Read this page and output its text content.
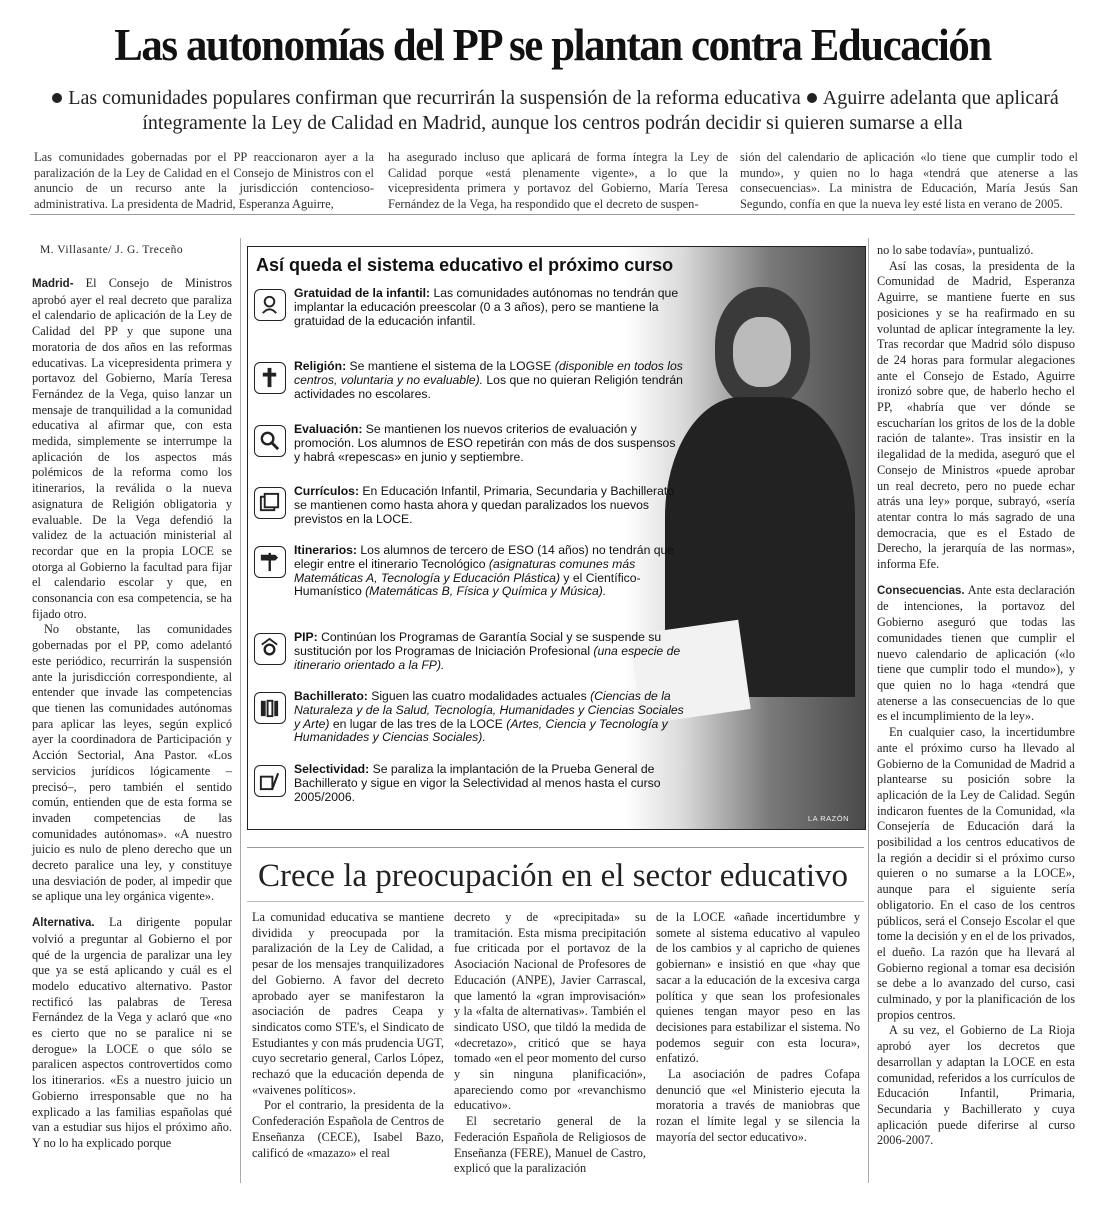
Las autonomías del PP se plantan contra Educación
Las comunidades populares confirman que recurrirán la suspensión de la reforma educativa Aguirre adelanta que aplicará íntegramente la Ley de Calidad en Madrid, aunque los centros podrán decidir si quieren sumarse a ella
Las comunidades gobernadas por el PP reaccionaron ayer a la paralización de la Ley de Calidad en el Consejo de Ministros con el anuncio de un recurso ante la jurisdicción contencioso-administrativa. La presidenta de Madrid, Esperanza Aguirre,
ha asegurado incluso que aplicará de forma íntegra la Ley de Calidad porque «está plenamente vigente», a lo que la vicepresidenta primera y portavoz del Gobierno, María Teresa Fernández de la Vega, ha respondido que el decreto de suspen-
sión del calendario de aplicación «lo tiene que cumplir todo el mundo», y quien no lo haga «tendrá que atenerse a las consecuencias». La ministra de Educación, María Jesús San Segundo, confía en que la nueva ley esté lista en verano de 2005.
M. Villasante/ J. G. Treceño

Madrid- El Consejo de Ministros aprobó ayer el real decreto que paraliza el calendario de aplicación de la Ley de Calidad del PP y que supone una moratoria de dos años en las reformas educativas. La vicepresidenta primera y portavoz del Gobierno, María Teresa Fernández de la Vega, quiso lanzar un mensaje de tranquilidad a la comunidad educativa al afirmar que, con esta medida, simplemente se interrumpe la aplicación de los aspectos más polémicos de la reforma como los itinerarios, la reválida o la nueva asignatura de Religión obligatoria y evaluable. De la Vega defendió la validez de la actuación ministerial al recordar que en la propia LOCE se otorga al Gobierno la facultad para fijar el calendario escolar y que, en consonancia con esa competencia, se ha fijado otro.

No obstante, las comunidades gobernadas por el PP, como adelantó este periódico, recurrirán la suspensión ante la jurisdicción correspondiente, al entender que invade las competencias que tienen las comunidades autónomas para aplicar las leyes, según explicó ayer la coordinadora de Participación y Acción Sectorial, Ana Pastor. «Los servicios jurídicos lógicamente –precisó–, pero también el sentido común, entienden que de esta forma se invaden competencias de las comunidades autónomas». «A nuestro juicio es nulo de pleno derecho que un decreto paralice una ley, y constituye una desviación de poder, al impedir que se aplique una ley orgánica vigente».

Alternativa. La dirigente popular volvió a preguntar al Gobierno el por qué de la urgencia de paralizar una ley que ya se está aplicando y cuál es el modelo educativo alternativo. Pastor rectificó las palabras de Teresa Fernández de la Vega y aclaró que «no es cierto que no se paralice ni se derogue» la LOCE o que sólo se paralicen aspectos controvertidos como los itinerarios. «Es a nuestro juicio un Gobierno irresponsable que no ha explicado a las familias españolas qué van a estudiar sus hijos el próximo año. Y no lo ha explicado porque

LA RAZÓN
Así queda el sistema educativo el próximo curso
Gratuidad de la infantil: Las comunidades autónomas no tendrán que implantar la educación preescolar (0 a 3 años), pero se mantiene la gratuidad de la educación infantil.
Religión: Se mantiene el sistema de la LOGSE (disponible en todos los centros, voluntaria y no evaluable). Los que no quieran Religión tendrán actividades no escolares.
Evaluación: Se mantienen los nuevos criterios de evaluación y promoción. Los alumnos de ESO repetirán con más de dos suspensos y habrá «repescas» en junio y septiembre.
Currículos: En Educación Infantil, Primaria, Secundaria y Bachillerato se mantienen como hasta ahora y quedan paralizados los nuevos previstos en la LOCE.
Itinerarios: Los alumnos de tercero de ESO (14 años) no tendrán que elegir entre el itinerario Tecnológico (asignaturas comunes más Matemáticas A, Tecnología y Educación Plástica) y el Científico-Humanístico (Matemáticas B, Física y Química y Música).
PIP: Continúan los Programas de Garantía Social y se suspende su sustitución por los Programas de Iniciación Profesional (una especie de itinerario orientado a la FP).
Bachillerato: Siguen las cuatro modalidades actuales (Ciencias de la Naturaleza y de la Salud, Tecnología, Humanidades y Ciencias Sociales y Arte) en lugar de las tres de la LOCE (Artes, Ciencia y Tecnología y Humanidades y Ciencias Sociales).
Selectividad: Se paraliza la implantación de la Prueba General de Bachillerato y sigue en vigor la Selectividad al menos hasta el curso 2005/2006.

no lo sabe todavía», puntualizó.

Así las cosas, la presidenta de la Comunidad de Madrid, Esperanza Aguirre, se mantiene fuerte en sus posiciones y se ha reafirmado en su voluntad de aplicar íntegramente la ley. Tras recordar que Madrid sólo dispuso de 24 horas para formular alegaciones ante el Consejo de Estado, Aguirre ironizó sobre que, de haberlo hecho el PP, «habría que ver dónde se escucharían los gritos de los de la doble ración de talante». Tras insistir en la ilegalidad de la medida, aseguró que el Consejo de Ministros «puede aprobar un real decreto, pero no puede echar atrás una ley» porque, subrayó, «sería atentar contra lo más sagrado de una democracia, que es el Estado de Derecho, la jerarquía de las normas», informa Efe.

Consecuencias. Ante esta declaración de intenciones, la portavoz del Gobierno aseguró que todas las comunidades tienen que cumplir el nuevo calendario de aplicación («lo tiene que cumplir todo el mundo»), y que quien no lo haga «tendrá que atenerse a las consecuencias de lo que es el incumplimiento de la ley».

En cualquier caso, la incertidumbre ante el próximo curso ha llevado al Gobierno de la Comunidad de Madrid a plantearse su posición sobre la aplicación de la Ley de Calidad. Según indicaron fuentes de la Comunidad, «la Consejería de Educación dará la posibilidad a los centros educativos de la región a decidir si el próximo curso quieren o no sumarse a la LOCE», aunque para el siguiente sería obligatorio. En el caso de los centros públicos, será el Consejo Escolar el que tome la decisión y en el de los privados, el dueño. La razón que ha llevará al Gobierno regional a tomar esa decisión se debe a lo avanzado del curso, casi culminado, y por la planificación de los propios centros.

A su vez, el Gobierno de La Rioja aprobó ayer los decretos que desarrollan y adaptan la LOCE en esta comunidad, referidos a los currículos de Educación Infantil, Primaria, Secundaria y Bachillerato y cuya aplicación puede diferirse al curso 2006-2007.

Crece la preocupación en el sector educativo

La comunidad educativa se mantiene dividida y preocupada por la paralización de la Ley de Calidad, a pesar de los mensajes tranquilizadores del Gobierno. A favor del decreto aprobado ayer se manifestaron la asociación de padres Ceapa y sindicatos como STE's, el Sindicato de Estudiantes y con más prudencia UGT, cuyo secretario general, Carlos López, rechazó que la educación dependa de «vaivenes políticos».

Por el contrario, la presidenta de la Confederación Española de Centros de Enseñanza (CECE), Isabel Bazo, calificó de «mazazo» el real

decreto y de «precipitada» su tramitación. Esta misma precipitación fue criticada por el portavoz de la Asociación Nacional de Profesores de Educación (ANPE), Javier Carrascal, que lamentó la «gran improvisación» y la «falta de alternativas». También el sindicato USO, que tildó la medida de «decretazo», criticó que se haya tomado «en el peor momento del curso y sin ninguna planificación», apareciendo como por «revanchismo educativo».

El secretario general de la Federación Española de Religiosos de Enseñanza (FERE), Manuel de Castro, explicó que la paralización

de la LOCE «añade incertidumbre y somete al sistema educativo al vapuleo de los cambios y al capricho de quienes gobiernan» e insistió en que «hay que sacar a la educación de la excesiva carga política y que sean los profesionales quienes tengan mayor peso en las decisiones para estabilizar el sistema. No podemos seguir con esta locura», enfatizó.

La asociación de padres Cofapa denunció que «el Ministerio ejecuta la moratoria a través de maniobras que rozan el límite legal y se silencia la mayoría del sector educativo».
